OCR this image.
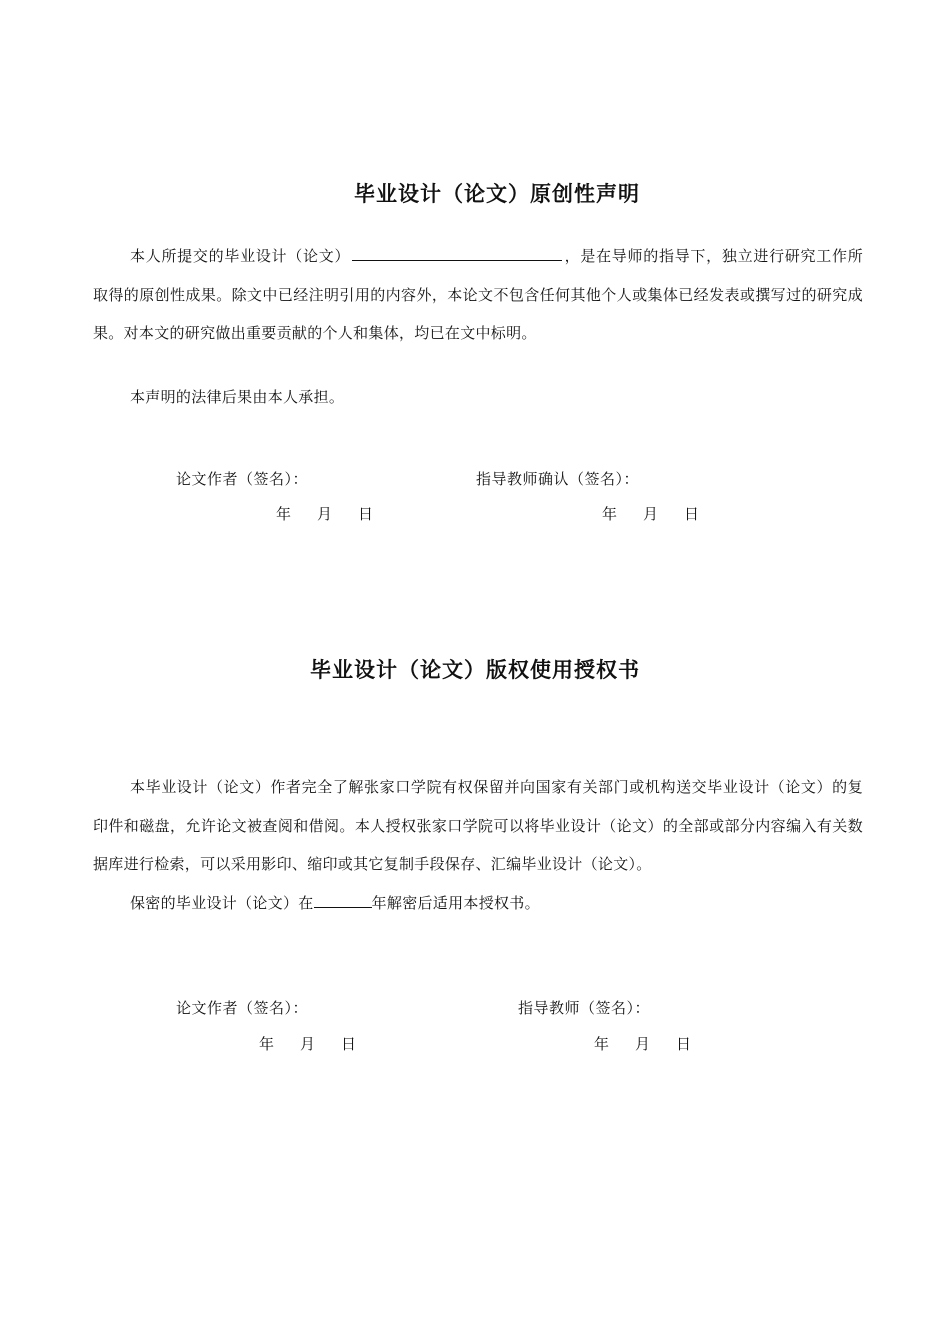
毕业设计（论文）原创性声明
本人所提交的毕业设计（论文）	，是在导师的指导下，独立进行研究工作所取得的原创性成果。除文中已经注明引用的内容外，本论文不包含任何其他个人或集体已经发表或撰写过的研究成果。对本文的研究做出重要贡献的个人和集体，均已在文中标明。
本声明的法律后果由本人承担。
论文作者（签名）：	指导教师确认（签名）：
年 月 日	年 月 日
毕业设计（论文）版权使用授权书
本毕业设计（论文）作者完全了解张家口学院有权保留并向国家有关部门或机构送交毕业设计（论文）的复印件和磁盘，允许论文被查阅和借阅。本人授权张家口学院可以将毕业设计（论文）的全部或部分内容编入有关数据库进行检索，可以采用影印、缩印或其它复制手段保存、汇编毕业设计（论文）。
保密的毕业设计（论文）在	年解密后适用本授权书。
论文作者（签名）：	指导教师（签名）：
年 月 日	年 月 日
